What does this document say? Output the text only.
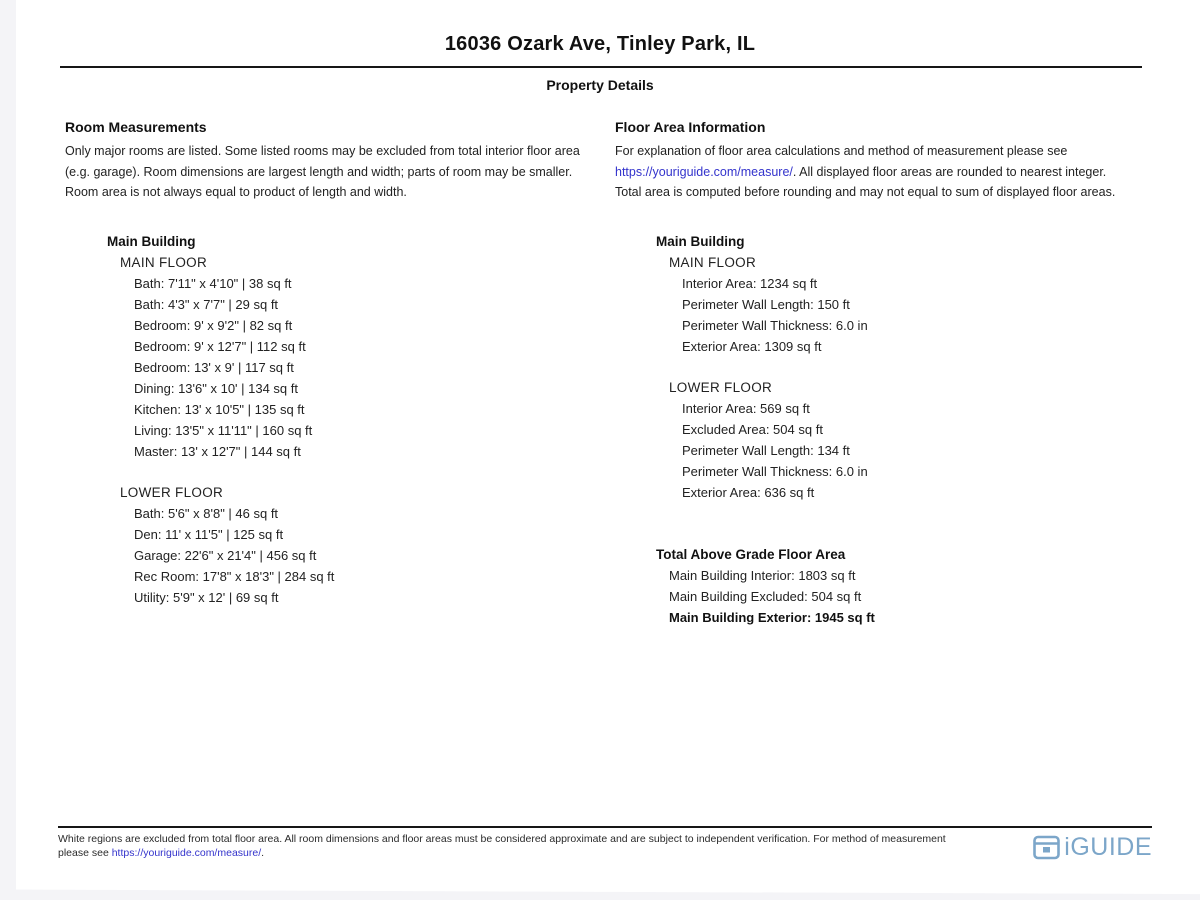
16036 Ozark Ave, Tinley Park, IL
Property Details
Room Measurements

Only major rooms are listed. Some listed rooms may be excluded from total interior floor area (e.g. garage). Room dimensions are largest length and width; parts of room may be smaller. Room area is not always equal to product of length and width.

Main Building
MAIN FLOOR
Bath: 7'11" x 4'10" | 38 sq ft
Bath: 4'3" x 7'7" | 29 sq ft
Bedroom: 9' x 9'2" | 82 sq ft
Bedroom: 9' x 12'7" | 112 sq ft
Bedroom: 13' x 9' | 117 sq ft
Dining: 13'6" x 10' | 134 sq ft
Kitchen: 13' x 10'5" | 135 sq ft
Living: 13'5" x 11'11" | 160 sq ft
Master: 13' x 12'7" | 144 sq ft
LOWER FLOOR
Bath: 5'6" x 8'8" | 46 sq ft
Den: 11' x 11'5" | 125 sq ft
Garage: 22'6" x 21'4" | 456 sq ft
Rec Room: 17'8" x 18'3" | 284 sq ft
Utility: 5'9" x 12' | 69 sq ft
Floor Area Information

For explanation of floor area calculations and method of measurement please see https://youriguide.com/measure/. All displayed floor areas are rounded to nearest integer. Total area is computed before rounding and may not equal to sum of displayed floor areas.

Main Building
MAIN FLOOR
Interior Area: 1234 sq ft
Perimeter Wall Length: 150 ft
Perimeter Wall Thickness: 6.0 in
Exterior Area: 1309 sq ft
LOWER FLOOR
Interior Area: 569 sq ft
Excluded Area: 504 sq ft
Perimeter Wall Length: 134 ft
Perimeter Wall Thickness: 6.0 in
Exterior Area: 636 sq ft
Total Above Grade Floor Area
Main Building Interior: 1803 sq ft
Main Building Excluded: 504 sq ft
Main Building Exterior: 1945 sq ft
White regions are excluded from total floor area. All room dimensions and floor areas must be considered approximate and are subject to independent verification. For method of measurement please see https://youriguide.com/measure/.	iGUIDE
